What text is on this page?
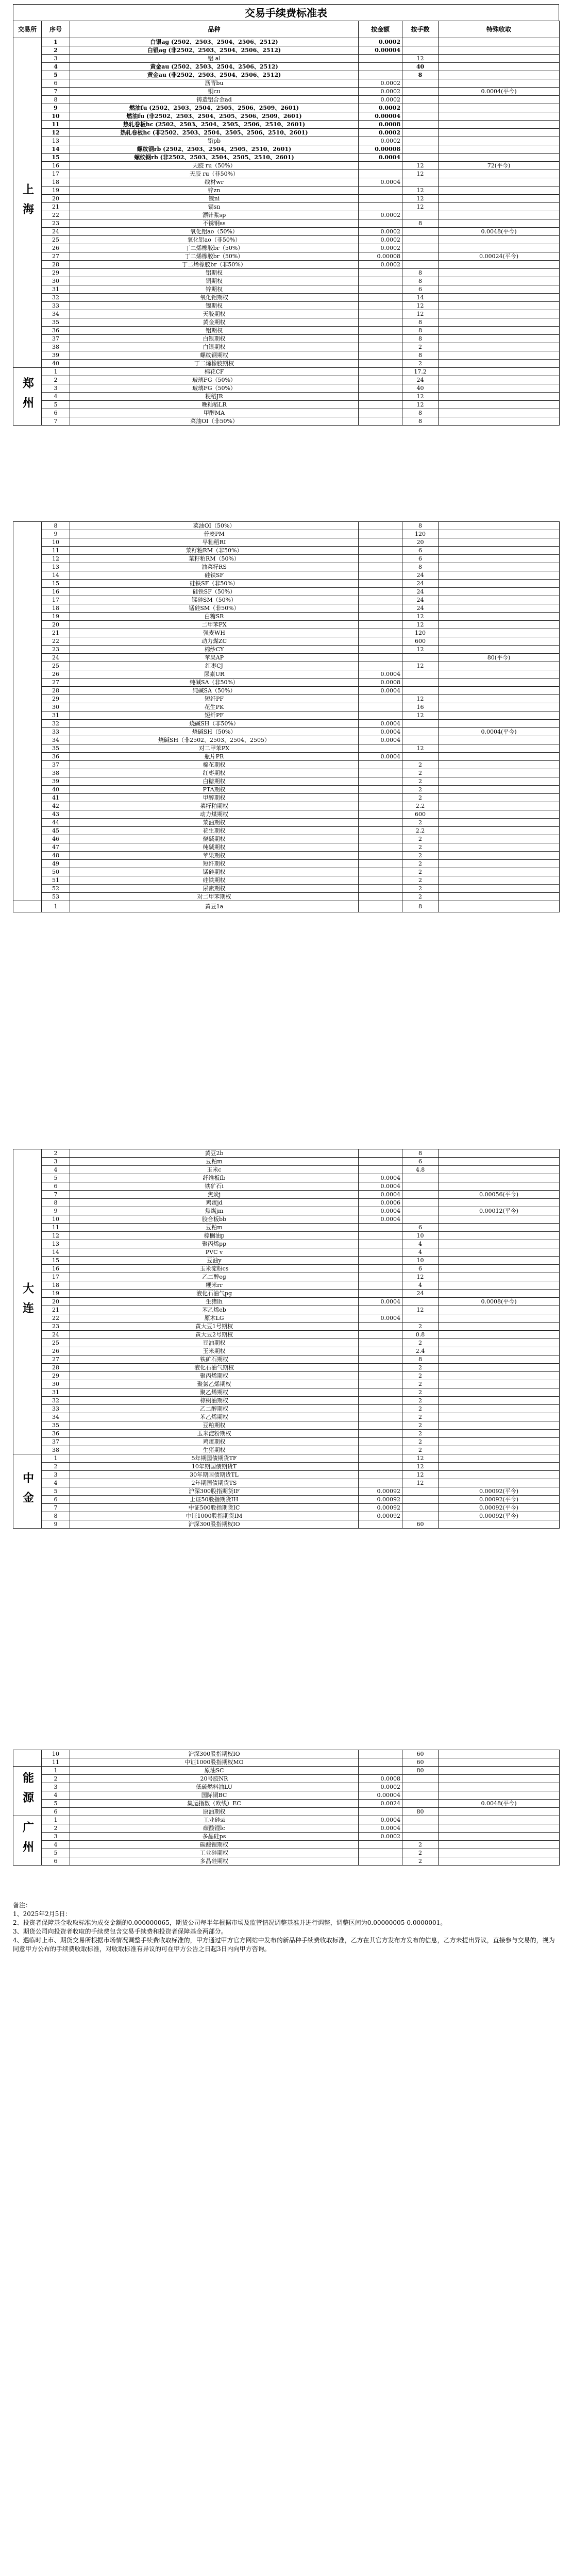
交易手续费标准表
交易所	序号	品种	按金额	按手数	特殊收取
上海	1	白银ag (2502、2503、2504、2506、2512)	0.0002		
	2	白银ag (非2502、2503、2504、2506、2512)	0.00004		
	3	铝 al		12	
	4	黄金au (2502、2503、2504、2506、2512)		40	
	5	黄金au (非2502、2503、2504、2506、2512)		8	
	6	沥青bu	0.0002		
	7	铜cu	0.0002		0.0004(平今)
	8	铸造铝合金ad	0.0002		
	9	燃油fu (2502、2503、2504、2505、2506、2509、2601)	0.0002		
	10	燃油fu (非2502、2503、2504、2505、2506、2509、2601)	0.00004		
	11	热轧卷板hc (2502、2503、2504、2505、2506、2510、2601)	0.0008		
	12	热轧卷板hc (非2502、2503、2504、2505、2506、2510、2601)	0.0002		
	13	铅pb	0.0002		
	14	螺纹钢rb (2502、2503、2504、2505、2510、2601)	0.00008		
	15	螺纹钢rb (非2502、2503、2504、2505、2510、2601)	0.0004		
	16	天胶 ru（50%）		12	72(平今)
	17	天胶 ru（非50%）		12	
	18	线材wr	0.0004		
	19	锌zn		12	
	20	镍ni		12	
	21	锡sn		12	
	22	漂针浆sp	0.0002		
	23	不锈钢ss		8	
	24	氧化铝ao（50%）	0.0002		0.0048(平今)
	25	氧化铝ao（非50%）	0.0002		
	26	丁二烯橡胶br（50%）	0.0002		
	27	丁二烯橡胶br（50%）	0.00008		0.00024(平今)
	28	丁二烯橡胶br（非50%）	0.0002		
	29	铝期权		8	
	30	铜期权		8	
	31	锌期权		6	
	32	氧化铝期权		14	
	33	镍期权		12	
	34	天胶期权		12	
	35	黄金期权		8	
	36	铝期权		8	
	37	白银期权		8	
	38	白银期权		2	
	39	螺纹钢期权		8	
	40	丁二烯橡胶期权		2	
郑州	1	棉花CF		17.2	
	2	玻璃FG（50%）		24	
	3	玻璃FG（50%）		40	
	4	粳稻JR		12	
	5	晚籼稻LR		12	
	6	甲醇MA		8	
	7	菜油OI（非50%）		8	
	8	菜油OI（50%）		8	
	9	普麦PM		120	
	10	早籼稻RI		20	
	11	菜籽粕RM（非50%）		6	
	12	菜籽粕RM（50%）		6	
	13	油菜籽RS		8	
	14	硅铁SF		24	
	15	硅铁SF（非50%）		24	
	16	硅铁SF（50%）		24	
	17	锰硅SM（50%）		24	
	18	锰硅SM（非50%）		24	
	19	白糖SR		12	
	20	二甲苯PX		12	
	21	强麦WH		120	
	22	动力煤ZC		600	
	23	棉纱CY		12	
	24	苹果AP			80(平今)
	25	红枣CJ		12	
	26	尿素UR	0.0004		
	27	纯碱SA（非50%）	0.0008		
	28	纯碱SA（50%）	0.0004		
	29	短纤PF		12	
	30	花生PK		16	
	31	短纤PF		12	
	32	烧碱SH（非50%）	0.0004		
	33	烧碱SH（50%）	0.0004		0.0004(平今)
	34	烧碱SH（非2502、2503、2504、2505）	0.0004		
	35	对二甲苯PX		12	
	36	瓶片PR	0.0004		
	37	棉花期权		2	
	38	红枣期权		2	
	39	白糖期权		2	
	40	PTA期权		2	
	41	甲醇期权		2	
	42	菜籽粕期权		2.2	
	43	动力煤期权		600	
	44	菜油期权		2	
	45	花生期权		2.2	
	46	烧碱期权		2	
	47	纯碱期权		2	
	48	苹果期权		2	
	49	短纤期权		2	
	50	锰硅期权		2	
	51	硅铁期权		2	
	52	尿素期权		2	
	53	对二甲苯期权		2	
	1	黄豆1a		8	
大连	2	黄豆2b		8	
	3	豆粕m		6	
	4	玉米c		4.8	
	5	纤维板fb	0.0004		
	6	铁矿石i	0.0004		
	7	焦炭j	0.0004		0.00056(平今)
	8	鸡蛋jd	0.0006		
	9	焦煤jm	0.0004		0.00012(平今)
	10	胶合板bb	0.0004		
	11	豆粕m		6	
	12	棕榈油p		10	
	13	聚丙烯pp		4	
	14	PVC v		4	
	15	豆油y		10	
	16	玉米淀粉cs		6	
	17	乙二醇eg		12	
	18	粳米rr		4	
	19	液化石油气pg		24	
	20	生猪lh	0.0004		0.0008(平今)
	21	苯乙烯eb		12	
	22	原木LG	0.0004		
	23	黄大豆1号期权		2	
	24	黄大豆2号期权		0.8	
	25	豆油期权		2	
	26	玉米期权		2.4	
	27	铁矿石期权		8	
	28	液化石油气期权		2	
	29	聚丙烯期权		2	
	30	聚氯乙烯期权		2	
	31	聚乙烯期权		2	
	32	棕榈油期权		2	
	33	乙二醇期权		2	
	34	苯乙烯期权		2	
	35	豆粕期权		2	
	36	玉米淀粉期权		2	
	37	鸡蛋期权		2	
	38	生猪期权		2	
中金	1	5年期国债期货TF		12	
	2	10年期国债期货T		12	
	3	30年期国债期货TL		12	
	4	2年期国债期货TS		12	
	5	沪深300股指期货IF	0.00092		0.00092(平今)
	6	上证50股指期货IH	0.00092		0.00092(平今)
	7	中证500股指期货IC	0.00092		0.00092(平今)
	8	中证1000股指期货IM	0.00092		0.00092(平今)
	9	沪深300股指期权IO		60	
	10	沪深300股指期权IO		60	
	11	中证1000股指期权MO		60	
能源	1	原油SC		80	
	2	20号胶NR	0.0008		
	3	低硫燃料油LU	0.0002		
	4	国际铜BC	0.00004		
	5	集运指数（欧线）EC	0.0024		0.0048(平今)
	6	原油期权		80	
广州	1	工业硅si	0.0004		
	2	碳酸锂lc	0.0004		
	3	多晶硅ps	0.0002		
	4	碳酸锂期权		2	
	5	工业硅期权		2	
	6	多晶硅期权		2	
备注：
1、2025年2月5日：
2、投资者保障基金收取标准为成交金额的0.000000065，期货公司每半年根据市场及监管情况调整基准并进行调整，调整区间为0.00000005-0.0000001。
3、期货公司向投资者收取的手续费包含交易手续费和投资者保障基金两部分。
4、遇临时上市、期货交易所根据市场情况调整手续费收取标准的，甲方通过甲方官方网站中发布的新品种手续费收取标准，乙方在其官方发布方发布的信息，乙方未提出异议，直接参与交易的，视为同意甲方公布的手续费收取标准，对收取标准有异议的可在甲方公告之日起3日内向甲方咨询。
